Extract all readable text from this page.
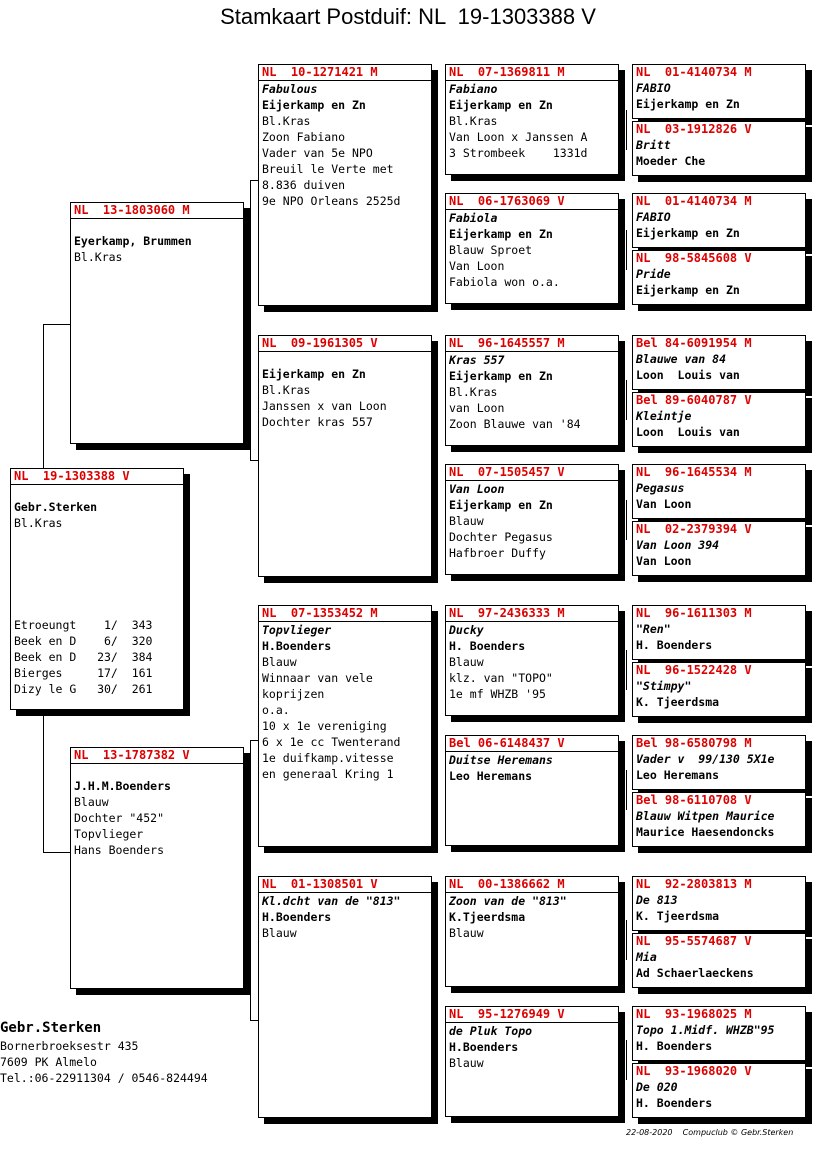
Stamkaart Postduif: NL  19-1303388 V
NL  19-1303388 V
Gebr.Sterken
Bl.Kras
Etroeungt    1/  343
Beek en D    6/  320
Beek en D   23/  384
Bierges     17/  161
Dizy le G   30/  261
NL  13-1803060 M
Eyerkamp, Brummen
Bl.Kras
NL  13-1787382 V
J.H.M.Boenders
Blauw
Dochter "452"
Topvlieger
Hans Boenders
NL  10-1271421 M
Fabulous
Eijerkamp en Zn
Bl.Kras
Zoon Fabiano
Vader van 5e NPO
Breuil le Verte met
8.836 duiven
9e NPO Orleans 2525d
NL  09-1961305 V
Eijerkamp en Zn
Bl.Kras
Janssen x van Loon
Dochter kras 557
NL  07-1353452 M
Topvlieger
H.Boenders
Blauw
Winnaar van vele
koprijzen
o.a.
10 x 1e vereniging
6 x 1e cc Twenterand
1e duifkamp.vitesse
en generaal Kring 1
NL  01-1308501 V
Kl.dcht van de "813"
H.Boenders
Blauw
NL  07-1369811 M
Fabiano
Eijerkamp en Zn
Bl.Kras
Van Loon x Janssen A
3 Strombeek    1331d
NL  06-1763069 V
Fabiola
Eijerkamp en Zn
Blauw Sproet
Van Loon
Fabiola won o.a.
NL  96-1645557 M
Kras 557
Eijerkamp en Zn
Bl.Kras
van Loon
Zoon Blauwe van '84
NL  07-1505457 V
Van Loon
Eijerkamp en Zn
Blauw
Dochter Pegasus
Hafbroer Duffy
NL  97-2436333 M
Ducky
H. Boenders
Blauw
klz. van "TOPO"
1e mf WHZB '95
Bel 06-6148437 V
Duitse Heremans
Leo Heremans
NL  00-1386662 M
Zoon van de "813"
K.Tjeerdsma
Blauw
NL  95-1276949 V
de Pluk Topo
H.Boenders
Blauw
NL  01-4140734 M
FABIO
Eijerkamp en Zn
NL  03-1912826 V
Britt
Moeder Che
NL  01-4140734 M
FABIO
Eijerkamp en Zn
NL  98-5845608 V
Pride
Eijerkamp en Zn
Bel 84-6091954 M
Blauwe van 84
Loon  Louis van
Bel 89-6040787 V
Kleintje
Loon  Louis van
NL  96-1645534 M
Pegasus
Van Loon
NL  02-2379394 V
Van Loon 394
Van Loon
NL  96-1611303 M
"Ren"
H. Boenders
NL  96-1522428 V
"Stimpy"
K. Tjeerdsma
Bel 98-6580798 M
Vader v  99/130 5X1e
Leo Heremans
Bel 98-6110708 V
Blauw Witpen Maurice
Maurice Haesendoncks
NL  92-2803813 M
De 813
K. Tjeerdsma
NL  95-5574687 V
Mia
Ad Schaerlaeckens
NL  93-1968025 M
Topo 1.Midf. WHZB"95
H. Boenders
NL  93-1968020 V
De 020
H. Boenders
Gebr.Sterken
Bornerbroeksestr 435
7609 PK Almelo
Tel.:06-22911304 / 0546-824494
22-08-2020    Compuclub © Gebr.Sterken
